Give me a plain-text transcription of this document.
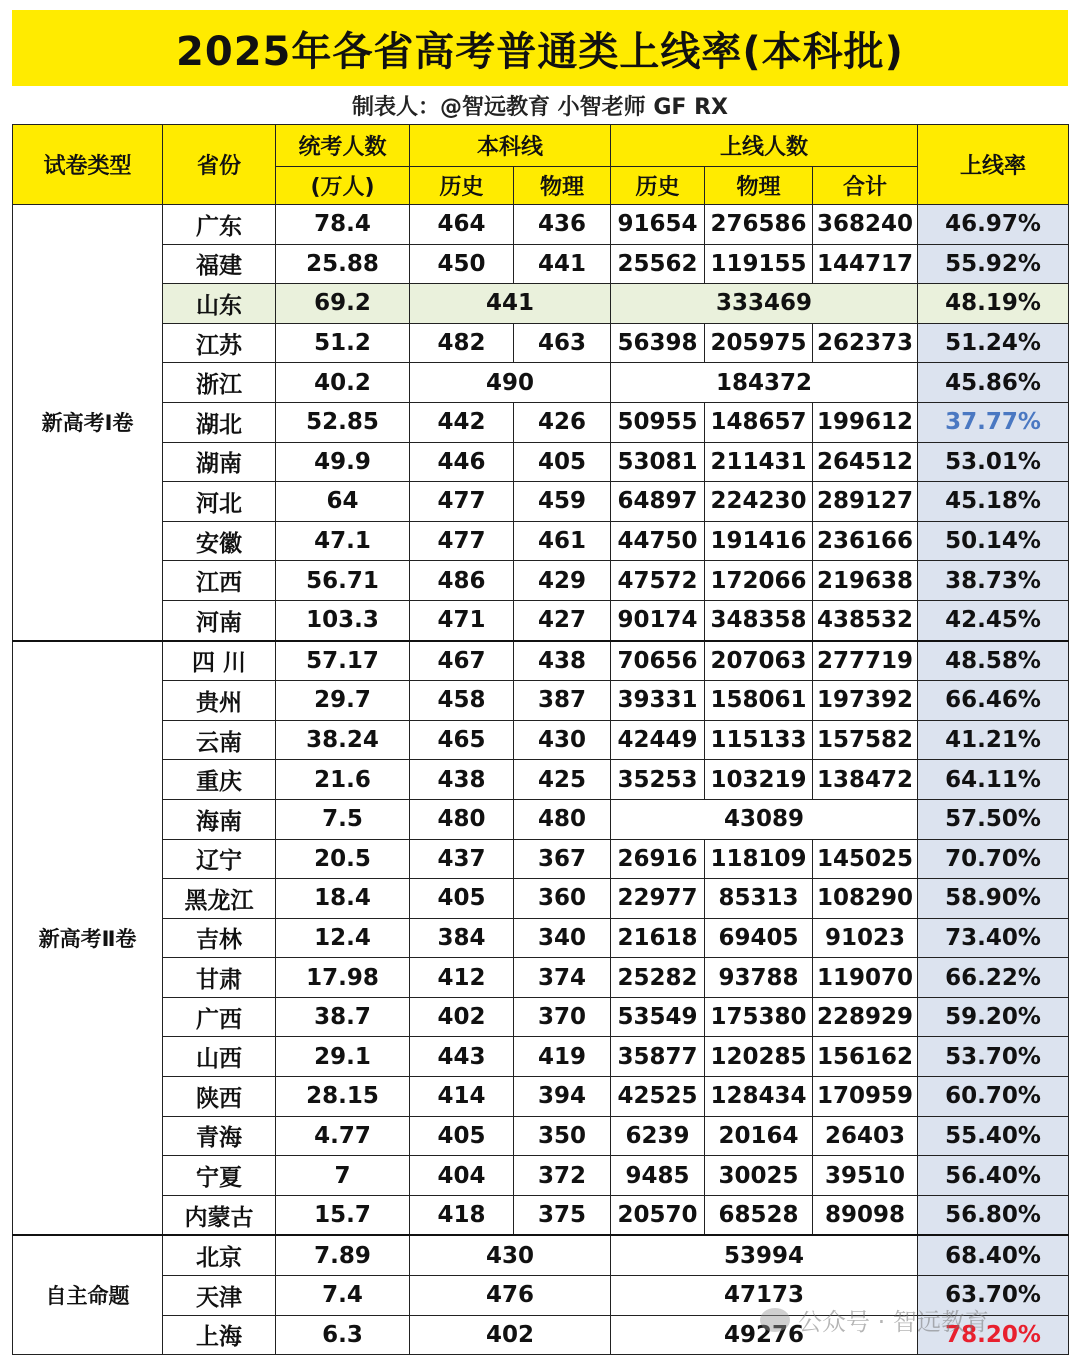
2025年各省高考普通类上线率(本科批)
制表人：@智远教育 小智老师 GF RX
试卷类型	省份	统考人数	本科线		上线人数			上线率
		(万人)	历史	物理	历史	物理	合计	
新高考Ⅰ卷	广东	78.4	464	436	91654	276586	368240	46.97%
	福建	25.88	450	441	25562	119155	144717	55.92%
	山东	69.2	441		333469			48.19%
	江苏	51.2	482	463	56398	205975	262373	51.24%
	浙江	40.2	490		184372			45.86%
	湖北	52.85	442	426	50955	148657	199612	37.77%
	湖南	49.9	446	405	53081	211431	264512	53.01%
	河北	64	477	459	64897	224230	289127	45.18%
	安徽	47.1	477	461	44750	191416	236166	50.14%
	江西	56.71	486	429	47572	172066	219638	38.73%
	河南	103.3	471	427	90174	348358	438532	42.45%
新高考Ⅱ卷	四 川	57.17	467	438	70656	207063	277719	48.58%
	贵州	29.7	458	387	39331	158061	197392	66.46%
	云南	38.24	465	430	42449	115133	157582	41.21%
	重庆	21.6	438	425	35253	103219	138472	64.11%
	海南	7.5	480	480	43089			57.50%
	辽宁	20.5	437	367	26916	118109	145025	70.70%
	黑龙江	18.4	405	360	22977	85313	108290	58.90%
	吉林	12.4	384	340	21618	69405	91023	73.40%
	甘肃	17.98	412	374	25282	93788	119070	66.22%
	广西	38.7	402	370	53549	175380	228929	59.20%
	山西	29.1	443	419	35877	120285	156162	53.70%
	陕西	28.15	414	394	42525	128434	170959	60.70%
	青海	4.77	405	350	6239	20164	26403	55.40%
	宁夏	7	404	372	9485	30025	39510	56.40%
	内蒙古	15.7	418	375	20570	68528	89098	56.80%
自主命题	北京	7.89	430		53994			68.40%
	天津	7.4	476		47173			63.70%
	上海	6.3	402		49276			78.20%
公众号 · 智远教育
